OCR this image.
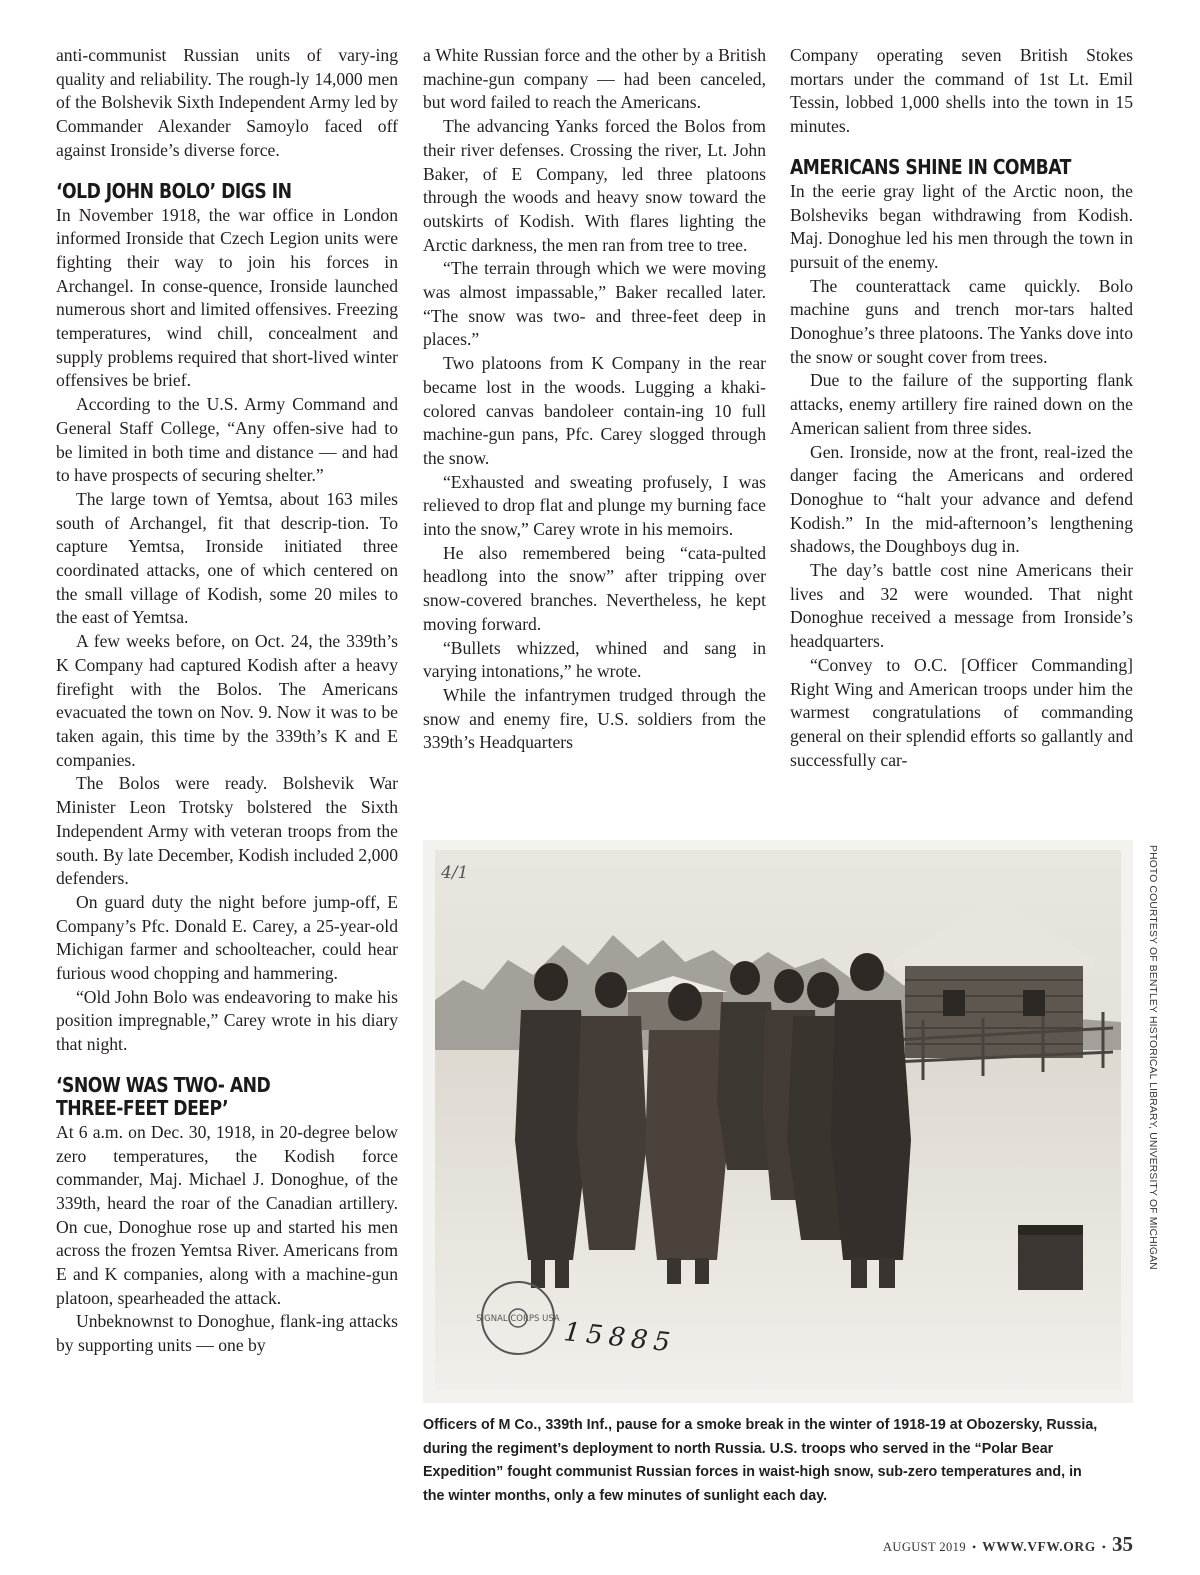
anti-communist Russian units of vary-ing quality and reliability. The rough-ly 14,000 men of the Bolshevik Sixth Independent Army led by Commander Alexander Samoylo faced off against Ironside’s diverse force.

‘OLD JOHN BOLO’ DIGS IN

In November 1918, the war office in London informed Ironside that Czech Legion units were fighting their way to join his forces in Archangel. In conse-quence, Ironside launched numerous short and limited offensives. Freezing temperatures, wind chill, concealment and supply problems required that short-lived winter offensives be brief.

According to the U.S. Army Command and General Staff College, “Any offen-sive had to be limited in both time and distance — and had to have prospects of securing shelter.”

The large town of Yemtsa, about 163 miles south of Archangel, fit that descrip-tion. To capture Yemtsa, Ironside initiated three coordinated attacks, one of which centered on the small village of Kodish, some 20 miles to the east of Yemtsa.

A few weeks before, on Oct. 24, the 339th’s K Company had captured Kodish after a heavy firefight with the Bolos. The Americans evacuated the town on Nov. 9. Now it was to be taken again, this time by the 339th’s K and E companies.

The Bolos were ready. Bolshevik War Minister Leon Trotsky bolstered the Sixth Independent Army with veteran troops from the south. By late December, Kodish included 2,000 defenders.

On guard duty the night before jump-off, E Company’s Pfc. Donald E. Carey, a 25-year-old Michigan farmer and schoolteacher, could hear furious wood chopping and hammering.

“Old John Bolo was endeavoring to make his position impregnable,” Carey wrote in his diary that night.

‘SNOW WAS TWO- AND
THREE-FEET DEEP’

At 6 a.m. on Dec. 30, 1918, in 20-degree below zero temperatures, the Kodish force commander, Maj. Michael J. Donoghue, of the 339th, heard the roar of the Canadian artillery. On cue, Donoghue rose up and started his men across the frozen Yemtsa River. Americans from E and K companies, along with a machine-gun platoon, spearheaded the attack.

Unbeknownst to Donoghue, flank-ing attacks by supporting units — one by

a White Russian force and the other by a British machine-gun company — had been canceled, but word failed to reach the Americans.

The advancing Yanks forced the Bolos from their river defenses. Crossing the river, Lt. John Baker, of E Company, led three platoons through the woods and heavy snow toward the outskirts of Kodish. With flares lighting the Arctic darkness, the men ran from tree to tree.

“The terrain through which we were moving was almost impassable,” Baker recalled later. “The snow was two- and three-feet deep in places.”

Two platoons from K Company in the rear became lost in the woods. Lugging a khaki-colored canvas bandoleer contain-ing 10 full machine-gun pans, Pfc. Carey slogged through the snow.

“Exhausted and sweating profusely, I was relieved to drop flat and plunge my burning face into the snow,” Carey wrote in his memoirs.

He also remembered being “cata-pulted headlong into the snow” after tripping over snow-covered branches. Nevertheless, he kept moving forward.

“Bullets whizzed, whined and sang in varying intonations,” he wrote.

While the infantrymen trudged through the snow and enemy fire, U.S. soldiers from the 339th’s Headquarters

Company operating seven British Stokes mortars under the command of 1st Lt. Emil Tessin, lobbed 1,000 shells into the town in 15 minutes.

AMERICANS SHINE IN COMBAT

In the eerie gray light of the Arctic noon, the Bolsheviks began withdrawing from Kodish. Maj. Donoghue led his men through the town in pursuit of the enemy.

The counterattack came quickly. Bolo machine guns and trench mor-tars halted Donoghue’s three platoons. The Yanks dove into the snow or sought cover from trees.

Due to the failure of the supporting flank attacks, enemy artillery fire rained down on the American salient from three sides.

Gen. Ironside, now at the front, real-ized the danger facing the Americans and ordered Donoghue to “halt your advance and defend Kodish.” In the mid-afternoon’s lengthening shadows, the Doughboys dug in.

The day’s battle cost nine Americans their lives and 32 were wounded. That night Donoghue received a message from Ironside’s headquarters.

“Convey to O.C. [Officer Commanding] Right Wing and American troops under him the warmest congratulations of commanding general on their splendid efforts so gallantly and successfully car-

4/1
SIGNAL CORPS USA 15885
PHOTO COURTESY OF BENTLEY HISTORICAL LIBRARY, UNIVERSITY OF MICHIGAN
Officers of M Co., 339th Inf., pause for a smoke break in the winter of 1918-19 at Obozersky, Russia,
during the regiment’s deployment to north Russia. U.S. troops who served in the “Polar Bear
Expedition” fought communist Russian forces in waist-high snow, sub-zero temperatures and, in
the winter months, only a few minutes of sunlight each day.
AUGUST 2019 • WWW.VFW.ORG • 35
